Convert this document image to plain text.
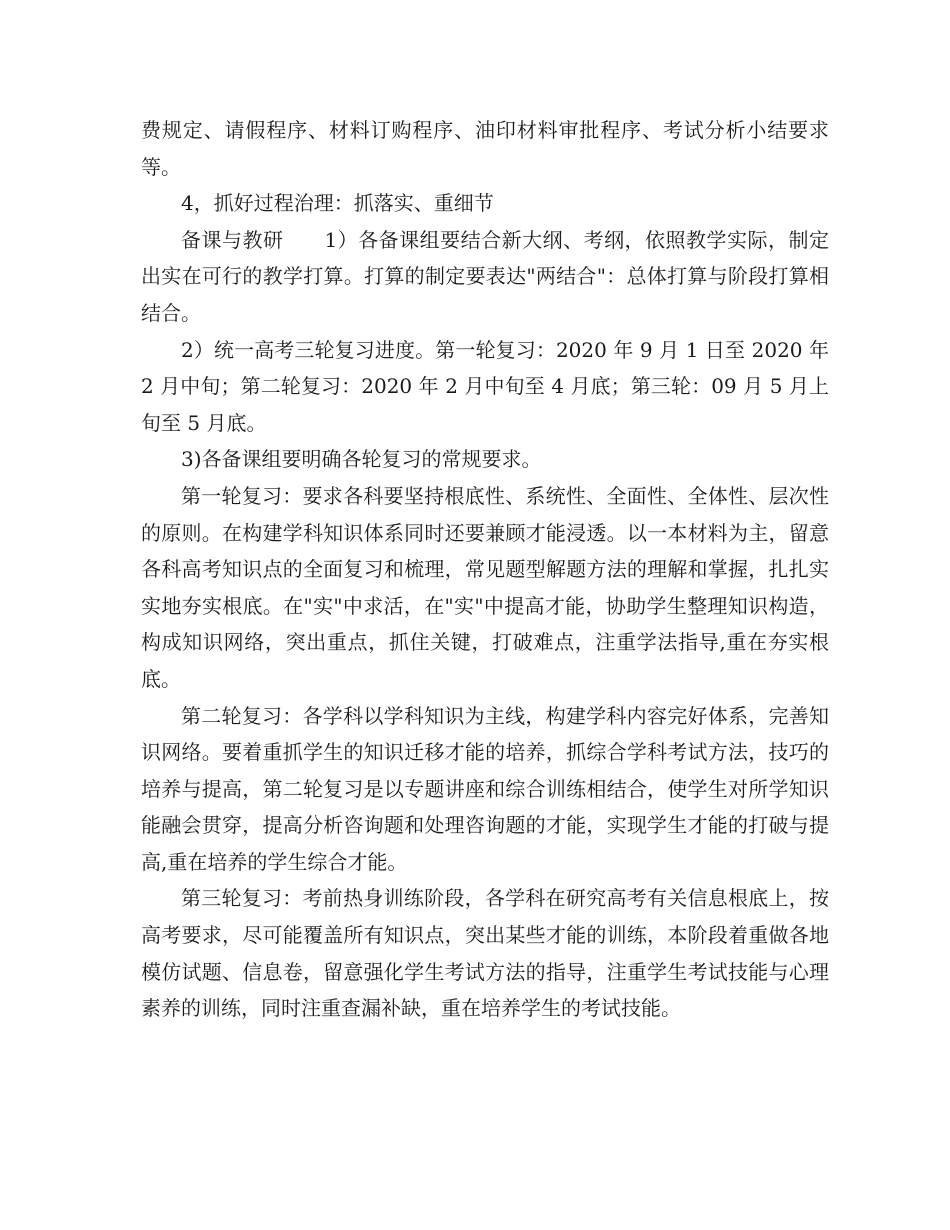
费规定、请假程序、材料订购程序、油印材料审批程序、考试分析小结要求等。

4，抓好过程治理：抓落实、重细节

备课与教研　　1）各备课组要结合新大纲、考纲，依照教学实际，制定出实在可行的教学打算。打算的制定要表达"两结合"：总体打算与阶段打算相结合。

2）统一高考三轮复习进度。第一轮复习：2020 年 9 月 1 日至 2020 年 2 月中旬；第二轮复习：2020 年 2 月中旬至 4 月底；第三轮：09 月 5 月上旬至 5 月底。

3)各备课组要明确各轮复习的常规要求。

第一轮复习：要求各科要坚持根底性、系统性、全面性、全体性、层次性的原则。在构建学科知识体系同时还要兼顾才能浸透。以一本材料为主，留意各科高考知识点的全面复习和梳理，常见题型解题方法的理解和掌握，扎扎实实地夯实根底。在"实"中求活，在"实"中提高才能，协助学生整理知识构造，构成知识网络，突出重点，抓住关键，打破难点，注重学法指导,重在夯实根底。

第二轮复习：各学科以学科知识为主线，构建学科内容完好体系，完善知识网络。要着重抓学生的知识迁移才能的培养，抓综合学科考试方法，技巧的培养与提高，第二轮复习是以专题讲座和综合训练相结合，使学生对所学知识能融会贯穿，提高分析咨询题和处理咨询题的才能，实现学生才能的打破与提高,重在培养的学生综合才能。

第三轮复习：考前热身训练阶段，各学科在研究高考有关信息根底上，按高考要求，尽可能覆盖所有知识点，突出某些才能的训练，本阶段着重做各地模仿试题、信息卷，留意强化学生考试方法的指导，注重学生考试技能与心理素养的训练，同时注重查漏补缺，重在培养学生的考试技能。
